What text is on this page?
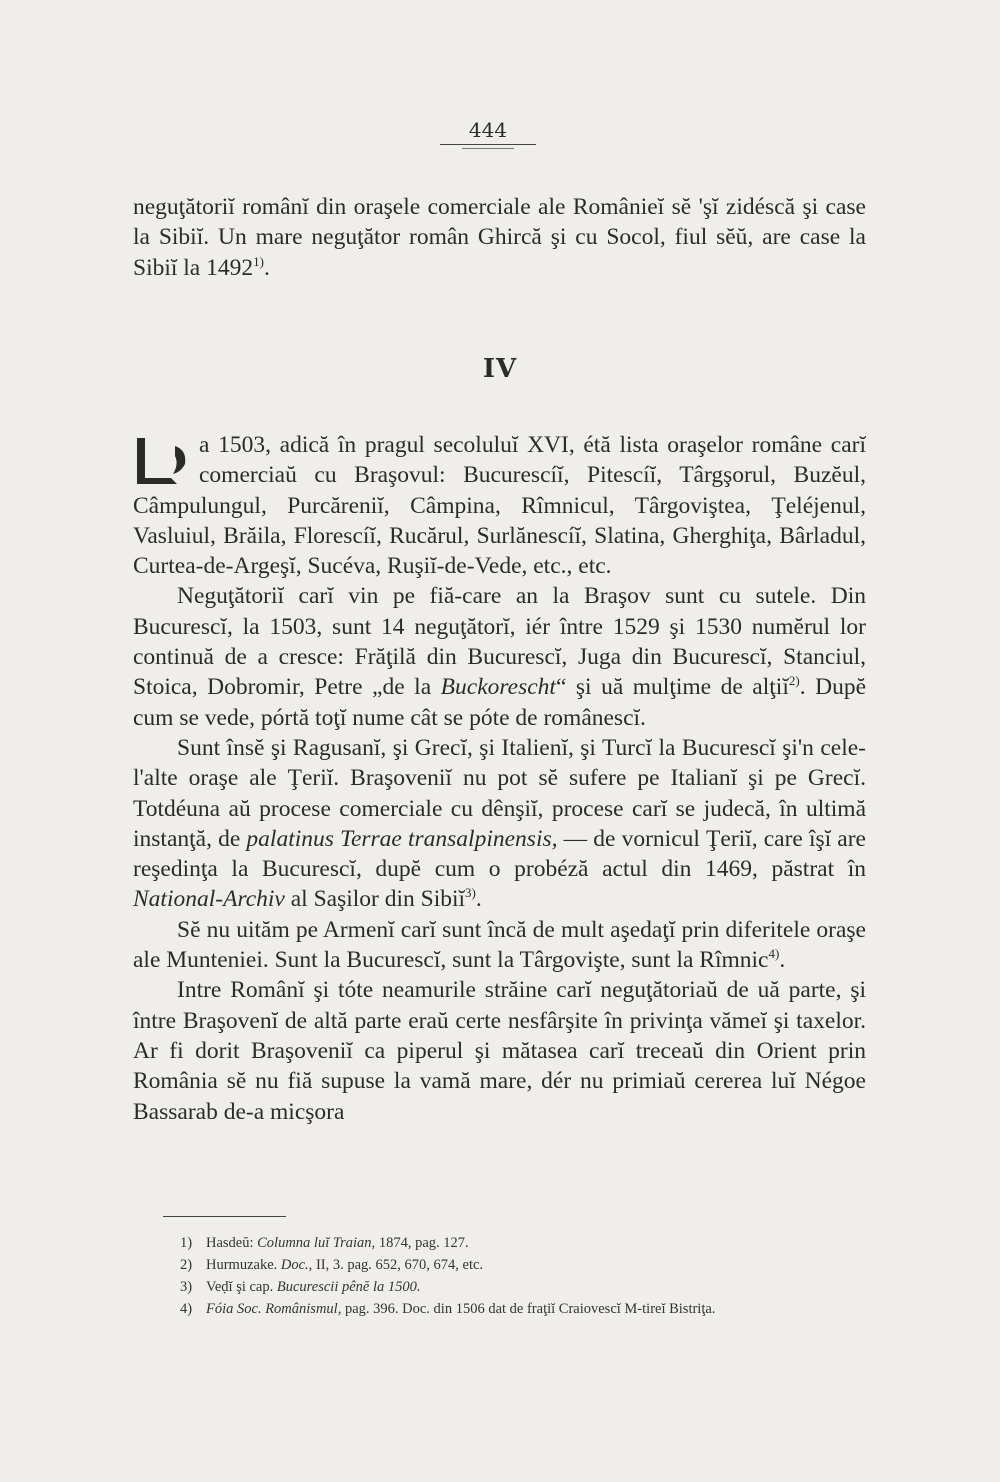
444

neguţătoriĭ românĭ din oraşele comerciale ale Românieĭ sĕ 'şĭ zidéscă şi case la Sibiĭ. Un mare neguţător român Ghircă şi cu Socol, fiul sĕŭ, are case la Sibiĭ la 1492$^{1)}$.

IV

a 1503, adică în pragul secoluluĭ XVI, étă lista oraşelor române carĭ comerciaŭ cu Braşovul: Bucurescíĭ, Pitescíĭ, Târgşorul, Buzĕul, Câmpulungul, Purcăreniĭ, Câmpina, Rîmnicul, Târgoviştea, Ţeléjenul, Vasluiul, Brăila, Florescíĭ, Rucărul, Surlănescíĭ, Slatina, Gherghiţa, Bârladul, Curtea-de-Argeşĭ, Sucéva, Ruşiĭ-de-Vede, etc., etc.

Neguţătoriĭ carĭ vin pe fiă-care an la Braşov sunt cu sutele. Din Bucurescĭ, la 1503, sunt 14 neguţătorĭ, iér între 1529 şi 1530 numĕrul lor continuă de a cresce: Frăţilă din Bucurescĭ, Juga din Bucurescĭ, Stanciul, Stoica, Dobromir, Petre „de la Buckorescht“ şi uă mulţime de alţiĭ$^{2)}$. Dupĕ cum se vede, pórtă toţĭ nume cât se póte de românescĭ.

Sunt însĕ şi Ragusanĭ, şi Grecĭ, şi Italienĭ, şi Turcĭ la Bucurescĭ şi'n cele-l'alte oraşe ale Ţeriĭ. Braşoveniĭ nu pot sĕ sufere pe Italianĭ şi pe Grecĭ. Totdéuna aŭ procese comerciale cu dênşiĭ, procese carĭ se judecă, în ultimă instanţă, de palatinus Terrae transalpinensis, — de vornicul Ţeriĭ, care îşĭ are reşedinţa la Bucurescĭ, dupĕ cum o probéză actul din 1469, păstrat în National-Archiv al Saşilor din Sibiĭ$^{3)}$.

Sĕ nu uităm pe Armenĭ carĭ sunt încă de mult aşedaţĭ prin diferitele oraşe ale Munteniei. Sunt la Bucurescĭ, sunt la Târgovişte, sunt la Rîmnic$^{4)}$.

Intre Românĭ şi tóte neamurile străine carĭ neguţătoriaŭ de uă parte, şi între Braşovenĭ de altă parte eraŭ certe nesfârşite în privinţa vămeĭ şi taxelor. Ar fi dorit Braşoveniĭ ca piperul şi mătasea carĭ treceaŭ din Orient prin România sĕ nu fiă supuse la vamă mare, dér nu primiaŭ cererea luĭ Négoe Bassarab de-a micşora

1) Hasdeŭ: Columna luĭ Traian, 1874, pag. 127.
2) Hurmuzake. Doc., II, 3. pag. 652, 670, 674, etc.
3) Veḍĭ şi cap. Bucurescii pênĕ la 1500.
4) Fóia Soc. Românismul, pag. 396. Doc. din 1506 dat de fraţiĭ Craiovescĭ M-tireĭ Bistriţa.
